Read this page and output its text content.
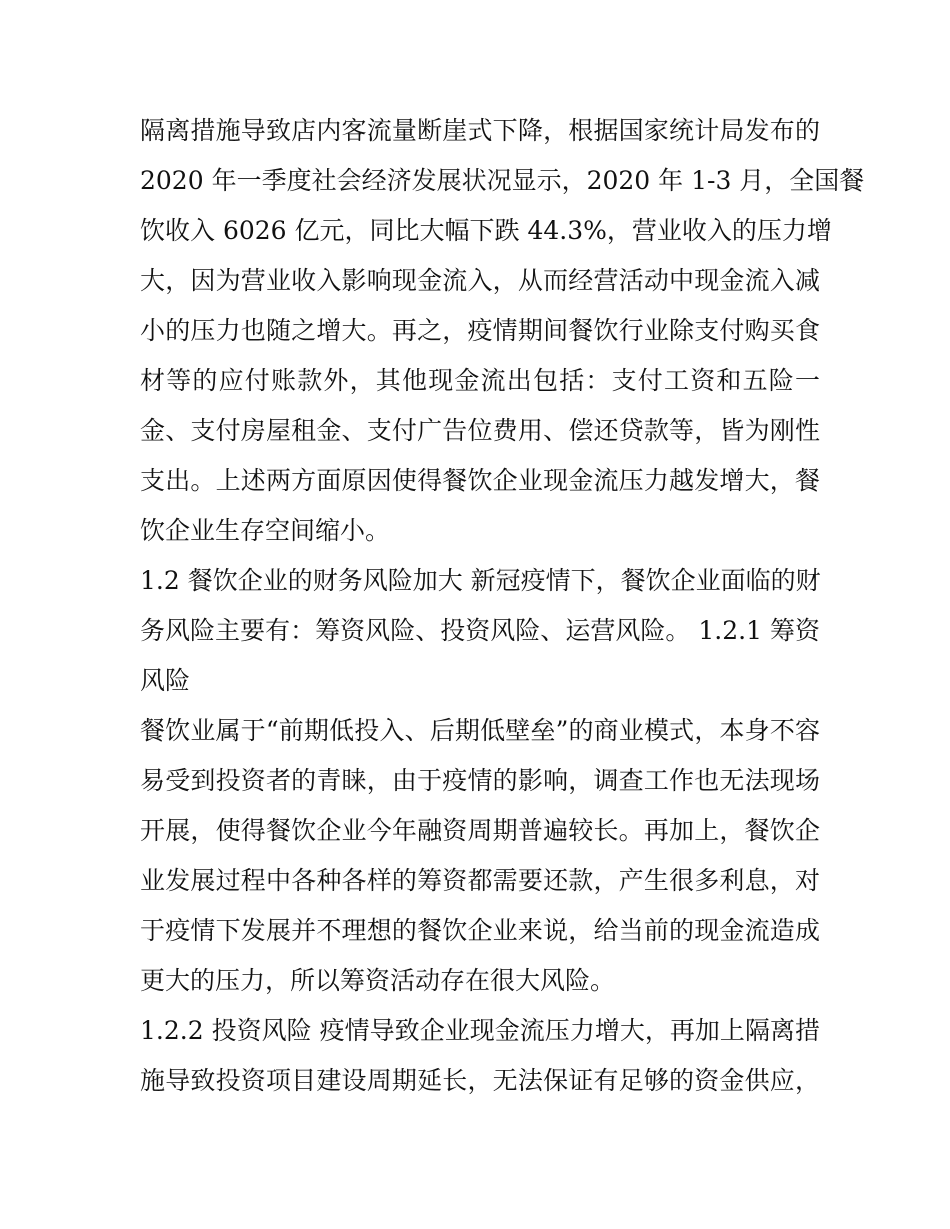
隔离措施导致店内客流量断崖式下降，根据国家统计局发布的
2020 年一季度社会经济发展状况显示，2020 年 1-3 月，全国餐
饮收入 6026 亿元，同比大幅下跌 44.3%，营业收入的压力增
大，因为营业收入影响现金流入，从而经营活动中现金流入减
小的压力也随之增大。再之，疫情期间餐饮行业除支付购买食
材等的应付账款外，其他现金流出包括：支付工资和五险一
金、支付房屋租金、支付广告位费用、偿还贷款等，皆为刚性
支出。上述两方面原因使得餐饮企业现金流压力越发增大，餐
饮企业生存空间缩小。
1.2 餐饮企业的财务风险加大 新冠疫情下，餐饮企业面临的财
务风险主要有：筹资风险、投资风险、运营风险。 1.2.1 筹资
风险
餐饮业属于“前期低投入、后期低壁垒”的商业模式，本身不容
易受到投资者的青睐，由于疫情的影响，调查工作也无法现场
开展，使得餐饮企业今年融资周期普遍较长。再加上，餐饮企
业发展过程中各种各样的筹资都需要还款，产生很多利息，对
于疫情下发展并不理想的餐饮企业来说，给当前的现金流造成
更大的压力，所以筹资活动存在很大风险。
1.2.2 投资风险 疫情导致企业现金流压力增大，再加上隔离措
施导致投资项目建设周期延长，无法保证有足够的资金供应，
